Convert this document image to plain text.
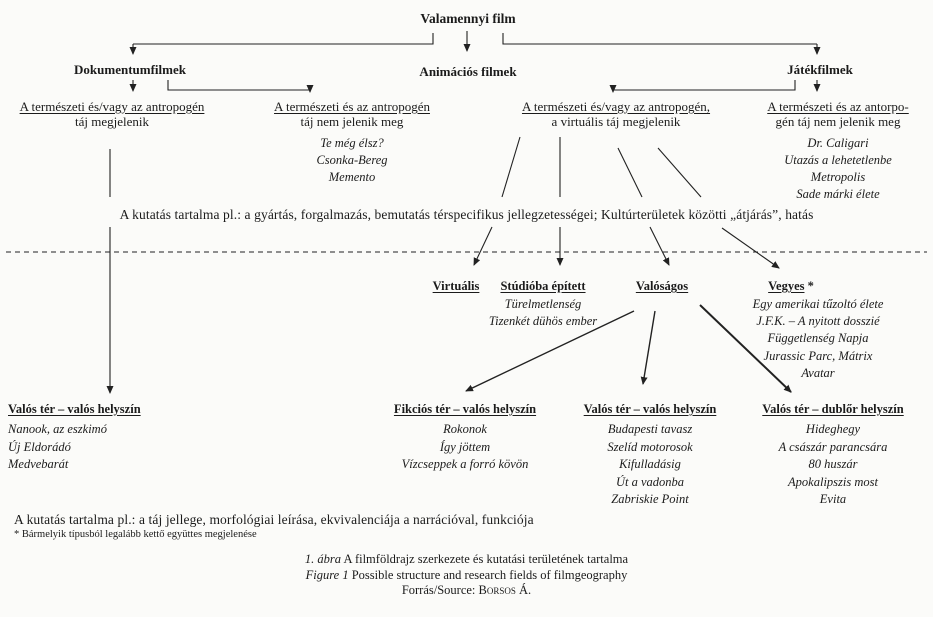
Valamennyi film
Dokumentumfilmek	Animációs filmek	Játékfilmek
A természeti és/vagy az antropogén
táj megjelenik
A természeti és az antropogén
táj nem jelenik meg
Te még élsz?
Csonka-Bereg
Memento
A természeti és/vagy az antropogén,
a virtuális táj megjelenik
A természeti és az antorpo-
gén táj nem jelenik meg
Dr. Caligari
Utazás a lehetetlenbe
Metropolis
Sade márki élete
A kutatás tartalma pl.: a gyártás, forgalmazás, bemutatás térspecifikus jellegzetességei; Kultúrterületek közötti „átjárás”, hatás
Virtuális	Stúdióba épített
Türelmetlenség
Tizenkét dühös ember
Valóságos	Vegyes *
Egy amerikai tűzoltó élete
J.F.K. – A nyitott dosszié
Függetlenség Napja
Jurassic Parc, Mátrix
Avatar
Valós tér – valós helyszín
Nanook, az eszkimó
Új Eldorádó
Medvebarát
Fikciós tér – valós helyszín
Rokonok
Így jöttem
Vízcseppek a forró kövön
Valós tér – valós helyszín
Budapesti tavasz
Szelíd motorosok
Kifulladásig
Út a vadonba
Zabriskie Point
Valós tér – dublőr helyszín
Hideghegy
A császár parancsára
80 huszár
Apokalipszis most
Evita
A kutatás tartalma pl.: a táj jellege, morfológiai leírása, ekvivalenciája a narrációval, funkciója
* Bármelyik típusból legalább kettő együttes megjelenése
1. ábra A filmföldrajz szerkezete és kutatási területének tartalma
Figure 1 Possible structure and research fields of filmgeography
Forrás/Source: Borsos Á.
